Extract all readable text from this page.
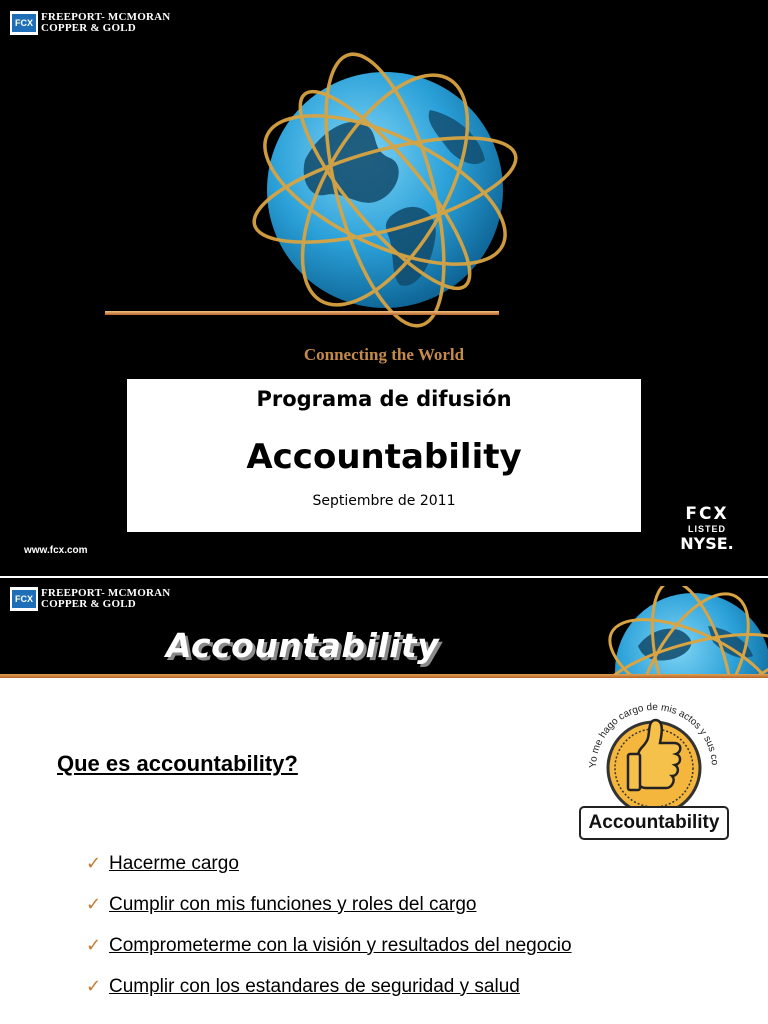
FCX FREEPORT- MCMORAN
COPPER & GOLD
Connecting the World
Programa de difusión
Accountability
Septiembre de 2011
www.fcx.com
FCX
LISTED
NYSE.
FCX FREEPORT- MCMORAN
COPPER & GOLD
Accountability
Que es accountability?
✓ Hacerme cargo
✓ Cumplir con mis funciones y roles del cargo
✓ Comprometerme con la visión y resultados del negocio
✓ Cumplir con los estandares de seguridad y salud
Yo me hago cargo de mis actos y sus co
Accountability
